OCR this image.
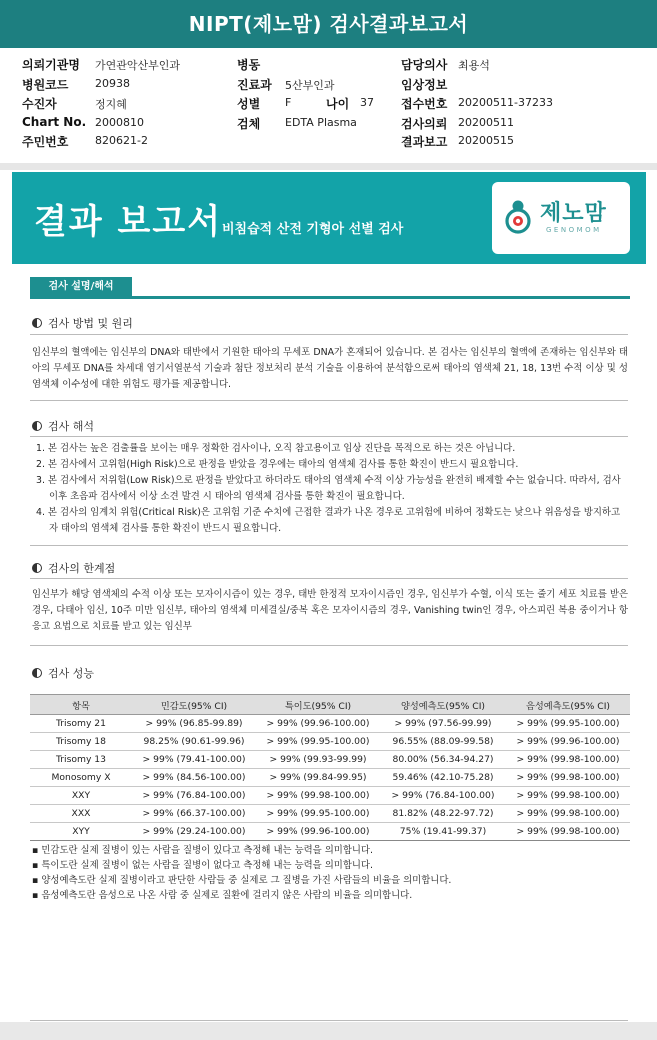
NIPT(제노맘) 검사결과보고서
의뢰기관명 가연관악산부인과
병원코드 20938
수진자	정지혜
Chart No. 2000810
주민번호 820621-2
병동
진료과 5산부인과
성별 F	나이 37
검체 EDTA Plasma
담당의사 최용석
임상정보
접수번호 20200511-37233
검사의뢰 20200511
결과보고 20200515
결과 보고서 비침습적 산전 기형아 선별 검사
제노맘
GENOMOM
검사 설명/해석
검사 방법 및 원리
임신부의 혈액에는 임신부의 DNA와 태반에서 기원한 태아의 무세포 DNA가 혼재되어 있습니다. 본 검사는 임신부의 혈액에 존재하는 임신부와 태아의 무세포 DNA를 차세대 염기서열분석 기술과 첨단 정보처리 분석 기술을 이용하여 분석함으로써 태아의 염색체 21, 18, 13번 수적 이상 및 성염색체 이수성에 대한 위험도 평가를 제공합니다.
검사 해석
1. 본 검사는 높은 검출률을 보이는 매우 정확한 검사이나, 오직 참고용이고 임상 진단을 목적으로 하는 것은 아닙니다.
2. 본 검사에서 고위험(High Risk)으로 판정을 받았을 경우에는 태아의 염색체 검사를 통한 확진이 반드시 필요합니다.
3. 본 검사에서 저위험(Low Risk)으로 판정을 받았다고 하더라도 태아의 염색체 수적 이상 가능성을 완전히 배제할 수는 없습니다. 따라서, 검사 이후 초음파 검사에서 이상 소견 발견 시 태아의 염색체 검사를 통한 확진이 필요합니다.
4. 본 검사의 임계치 위험(Critical Risk)은 고위험 기준 수치에 근접한 결과가 나온 경우로 고위험에 비하여 정확도는 낮으나 위음성을 방지하고자 태아의 염색체 검사를 통한 확진이 반드시 필요합니다.
검사의 한계점
임신부가 해당 염색체의 수적 이상 또는 모자이시즘이 있는 경우, 태반 한정적 모자이시즘인 경우, 임신부가 수혈, 이식 또는 줄기 세포 치료를 받은 경우, 다태아 임신, 10주 미만 임신부, 태아의 염색체 미세결실/중복 혹은 모자이시즘의 경우, Vanishing twin인 경우, 아스피린 복용 중이거나 항 응고 요법으로 치료를 받고 있는 임신부
검사 성능
항목	민감도(95% CI)	특이도(95% CI)	양성예측도(95% CI)	음성예측도(95% CI)
Trisomy 21	> 99% (96.85-99.89)	> 99% (99.96-100.00)	> 99% (97.56-99.99)	> 99% (99.95-100.00)
Trisomy 18	98.25% (90.61-99.96)	> 99% (99.95-100.00)	96.55% (88.09-99.58)	> 99% (99.96-100.00)
Trisomy 13	> 99% (79.41-100.00)	> 99% (99.93-99.99)	80.00% (56.34-94.27)	> 99% (99.98-100.00)
Monosomy X	> 99% (84.56-100.00)	> 99% (99.84-99.95)	59.46% (42.10-75.28)	> 99% (99.98-100.00)
XXY	> 99% (76.84-100.00)	> 99% (99.98-100.00)	> 99% (76.84-100.00)	> 99% (99.98-100.00)
XXX	> 99% (66.37-100.00)	> 99% (99.95-100.00)	81.82% (48.22-97.72)	> 99% (99.98-100.00)
XYY	> 99% (29.24-100.00)	> 99% (99.96-100.00)	75% (19.41-99.37)	> 99% (99.98-100.00)
▪ 민감도란 실제 질병이 있는 사람을 질병이 있다고 측정해 내는 능력을 의미합니다.
▪ 특이도란 실제 질병이 없는 사람을 질병이 없다고 측정해 내는 능력을 의미합니다.
▪ 양성예측도란 실제 질병이라고 판단한 사람들 중 실제로 그 질병을 가진 사람들의 비율을 의미합니다.
▪ 음성예측도란 음성으로 나온 사람 중 실제로 질환에 걸리지 않은 사람의 비율을 의미합니다.
